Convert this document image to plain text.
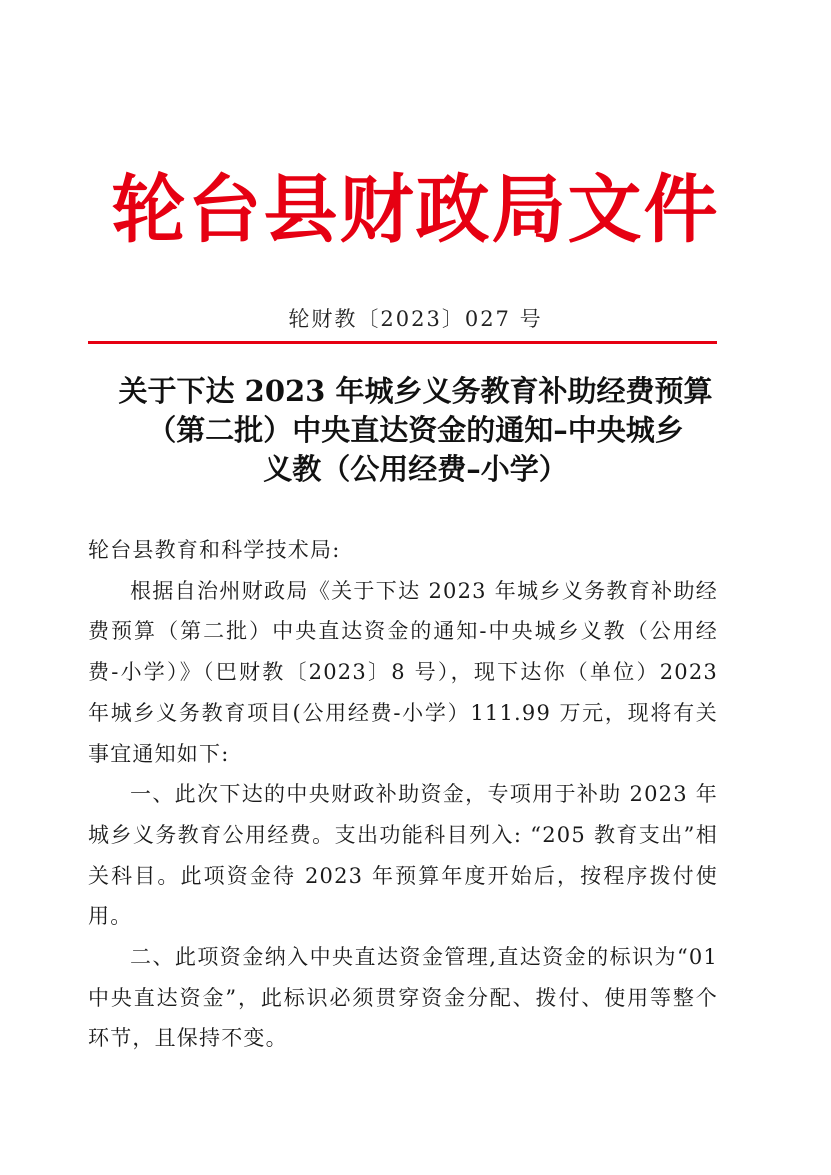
轮台县财政局文件
轮财教〔2023〕027 号
关于下达 2023 年城乡义务教育补助经费预算
（第二批）中央直达资金的通知–中央城乡
义教（公用经费–小学）

轮台县教育和科学技术局:

根据自治州财政局《关于下达 2023 年城乡义务教育补助经费预算（第二批）中央直达资金的通知-中央城乡义教（公用经费-小学）》（巴财教〔2023〕8 号），现下达你（单位）2023 年城乡义务教育项目(公用经费-小学）111.99 万元，现将有关事宜通知如下:

一、此次下达的中央财政补助资金，专项用于补助 2023 年城乡义务教育公用经费。支出功能科目列入: “205 教育支出”相关科目。此项资金待 2023 年预算年度开始后，按程序拨付使用。

二、此项资金纳入中央直达资金管理,直达资金的标识为“01 中央直达资金”，此标识必须贯穿资金分配、拨付、使用等整个环节，且保持不变。
